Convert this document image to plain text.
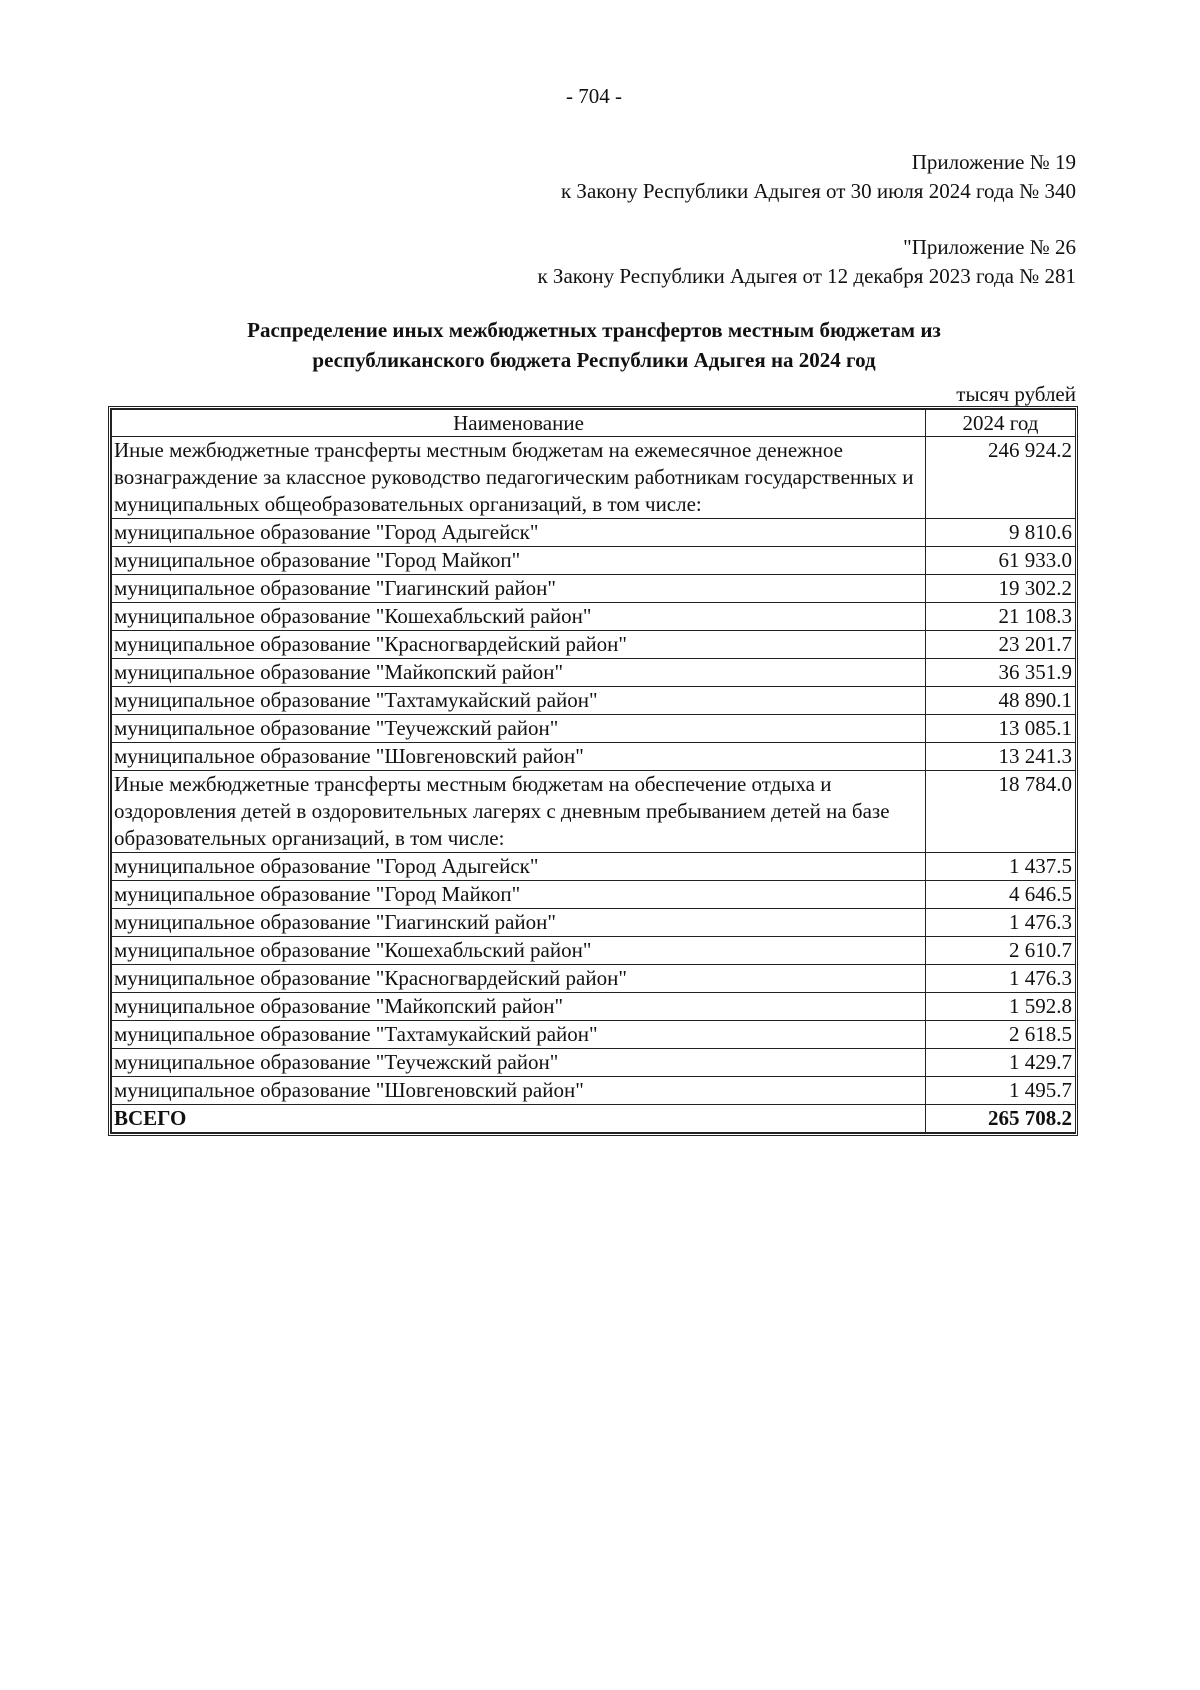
- 704 -
Приложение № 19
к Закону Республики Адыгея от 30 июля 2024 года № 340
"Приложение № 26
к Закону Республики Адыгея от 12 декабря 2023 года № 281
Распределение иных межбюджетных трансфертов местным бюджетам из
республиканского бюджета Республики Адыгея на 2024 год
тысяч рублей
Наименование	2024 год
Иные межбюджетные трансферты местным бюджетам на ежемесячное денежное вознаграждение за классное руководство педагогическим работникам государственных и муниципальных общеобразовательных организаций, в том числе:	246 924.2
муниципальное образование "Город Адыгейск"	9 810.6
муниципальное образование "Город Майкоп"	61 933.0
муниципальное образование "Гиагинский район"	19 302.2
муниципальное образование "Кошехабльский район"	21 108.3
муниципальное образование "Красногвардейский район"	23 201.7
муниципальное образование "Майкопский район"	36 351.9
муниципальное образование "Тахтамукайский район"	48 890.1
муниципальное образование "Теучежский район"	13 085.1
муниципальное образование "Шовгеновский район"	13 241.3
Иные межбюджетные трансферты местным бюджетам на обеспечение отдыха и оздоровления детей в оздоровительных лагерях с дневным пребыванием детей на базе образовательных организаций, в том числе:	18 784.0
муниципальное образование "Город Адыгейск"	1 437.5
муниципальное образование "Город Майкоп"	4 646.5
муниципальное образование "Гиагинский район"	1 476.3
муниципальное образование "Кошехабльский район"	2 610.7
муниципальное образование "Красногвардейский район"	1 476.3
муниципальное образование "Майкопский район"	1 592.8
муниципальное образование "Тахтамукайский район"	2 618.5
муниципальное образование "Теучежский район"	1 429.7
муниципальное образование "Шовгеновский район"	1 495.7
ВСЕГО	265 708.2
